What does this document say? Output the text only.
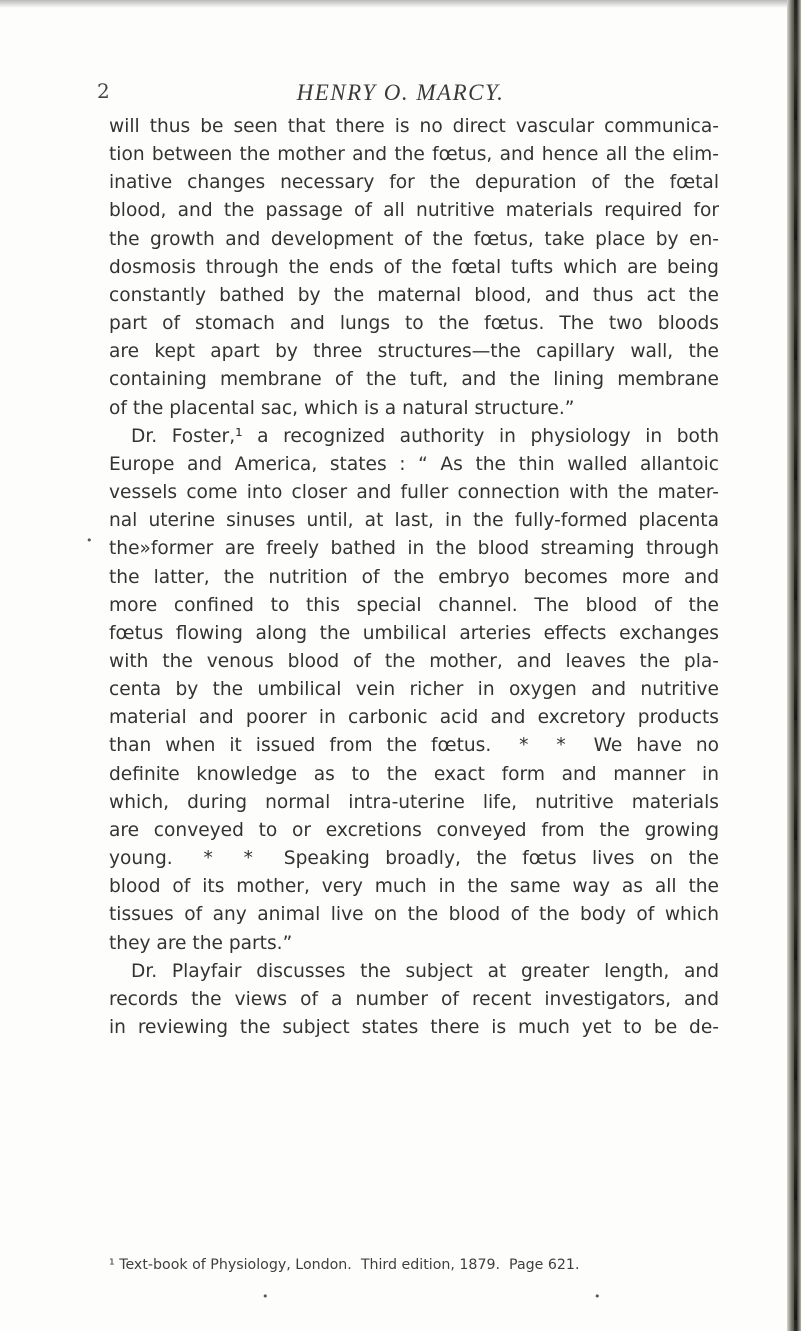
2	HENRY O. MARCY.
will thus be seen that there is no direct vascular communica-
tion between the mother and the fœtus, and hence all the elim-
inative changes necessary for the depuration of the fœtal
blood, and the passage of all nutritive materials required for
the growth and development of the fœtus, take place by en-
dosmosis through the ends of the fœtal tufts which are being
constantly bathed by the maternal blood, and thus act the
part of stomach and lungs to the fœtus. The two bloods
are kept apart by three structures—the capillary wall, the
containing membrane of the tuft, and the lining membrane
of the placental sac, which is a natural structure.”
Dr. Foster,¹ a recognized authority in physiology in both
Europe and America, states : “ As the thin walled allantoic
vessels come into closer and fuller connection with the mater-
nal uterine sinuses until, at last, in the fully-formed placenta
the»former are freely bathed in the blood streaming through
the latter, the nutrition of the embryo becomes more and
more confined to this special channel. The blood of the
fœtus flowing along the umbilical arteries effects exchanges
with the venous blood of the mother, and leaves the pla-
centa by the umbilical vein richer in oxygen and nutritive
material and poorer in carbonic acid and excretory products
than when it issued from the fœtus.  *  *  We have no
definite knowledge as to the exact form and manner in
which, during normal intra-uterine life, nutritive materials
are conveyed to or excretions conveyed from the growing
young.  *  *  Speaking broadly, the fœtus lives on the
blood of its mother, very much in the same way as all the
tissues of any animal live on the blood of the body of which
they are the parts.”
Dr. Playfair discusses the subject at greater length, and
records the views of a number of recent investigators, and
in reviewing the subject states there is much yet to be de-
¹ Text-book of Physiology, London.  Third edition, 1879.  Page 621.
•
•	•
